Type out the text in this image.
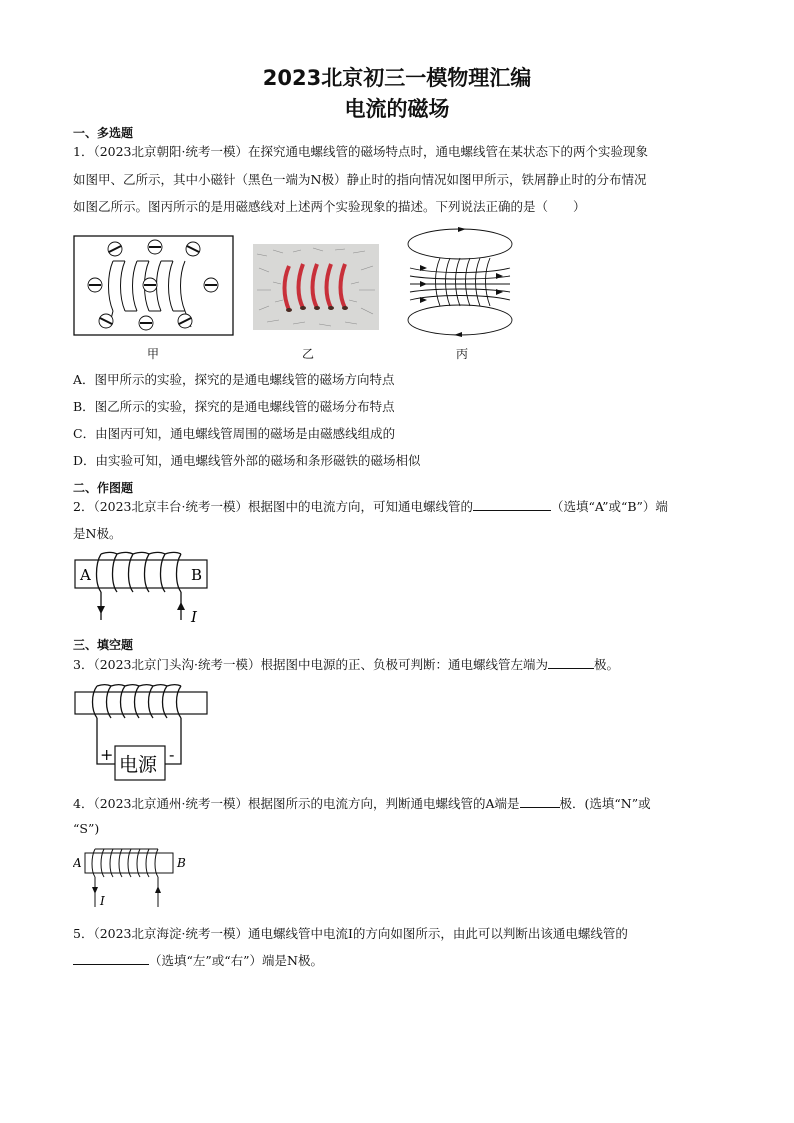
2023北京初三一模物理汇编
电流的磁场
一、多选题
1．（2023北京朝阳·统考一模）在探究通电螺线管的磁场特点时，通电螺线管在某状态下的两个实验现象
如图甲、乙所示，其中小磁针（黑色一端为N极）静止时的指向情况如图甲所示，铁屑静止时的分布情况
如图乙所示。图丙所示的是用磁感线对上述两个实验现象的描述。下列说法正确的是（　　）
甲	乙	丙
A．图甲所示的实验，探究的是通电螺线管的磁场方向特点
B．图乙所示的实验，探究的是通电螺线管的磁场分布特点
C．由图丙可知，通电螺线管周围的磁场是由磁感线组成的
D．由实验可知，通电螺线管外部的磁场和条形磁铁的磁场相似
二、作图题
2．（2023北京丰台·统考一模）根据图中的电流方向，可知通电螺线管的	（选填“A”或“B”）端
是N极。
A	B
I
三、填空题
3．（2023北京门头沟·统考一模）根据图中电源的正、负极可判断：通电螺线管左端为	极。
电源
+	-
4．（2023北京通州·统考一模）根据图所示的电流方向，判断通电螺线管的A端是	极．(选填“N”或
“S”)
A	B
I
5．（2023北京海淀·统考一模）通电螺线管中电流I的方向如图所示，由此可以判断出该通电螺线管的
（选填“左”或“右”）端是N极。
